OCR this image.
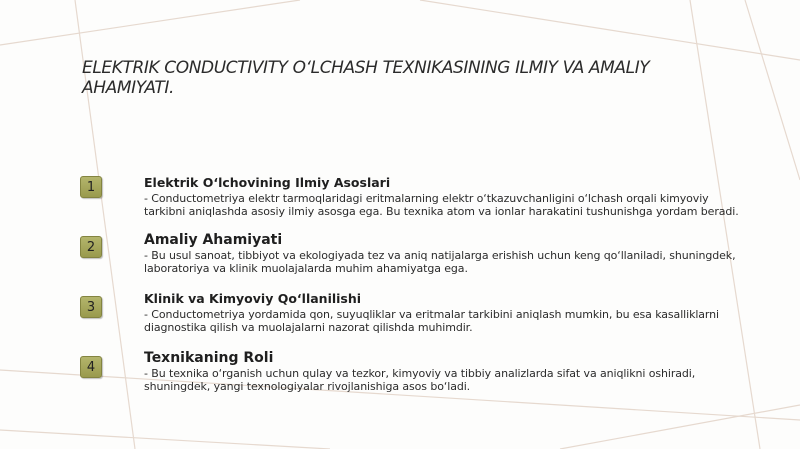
ELEKTRIK CONDUCTIVITY O‘LCHASH TEXNIKASINING ILMIY VA AMALIY AHAMIYATI.
1	Elektrik O‘lchovining Ilmiy Asoslari
- Conductometriya elektr tarmoqlaridagi eritmalarning elektr o‘tkazuvchanligini o‘lchash orqali kimyoviy tarkibni aniqlashda asosiy ilmiy asosga ega. Bu texnika atom va ionlar harakatini tushunishga yordam beradi.
2	Amaliy Ahamiyati
- Bu usul sanoat, tibbiyot va ekologiyada tez va aniq natijalarga erishish uchun keng qo‘llaniladi, shuningdek, laboratoriya va klinik muolajalarda muhim ahamiyatga ega.
3
Klinik va Kimyoviy Qo‘llanilishi
- Conductometriya yordamida qon, suyuqliklar va eritmalar tarkibini aniqlash mumkin, bu esa kasalliklarni diagnostika qilish va muolajalarni nazorat qilishda muhimdir.
4
Texnikaning Roli
- Bu texnika o‘rganish uchun qulay va tezkor, kimyoviy va tibbiy analizlarda sifat va aniqlikni oshiradi, shuningdek, yangi texnologiyalar rivojlanishiga asos bo‘ladi.
